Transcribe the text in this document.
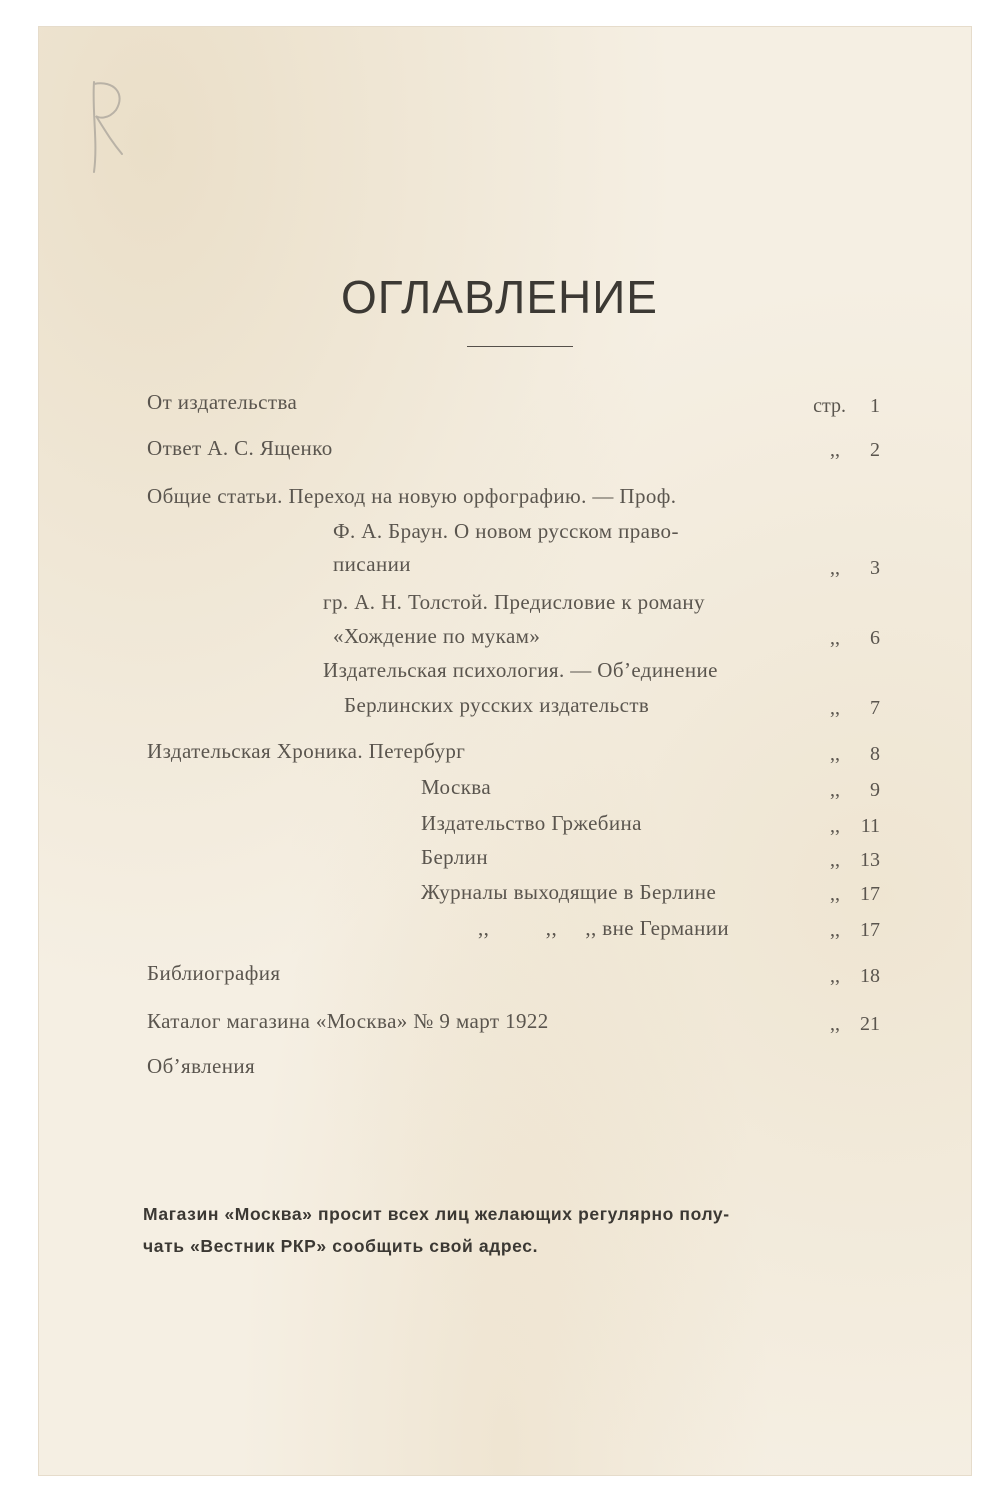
ОГЛАВЛЕНИЕ
От издательства	стр.	1
Ответ А. С. Ященко	,,	2
Общие статьи. Переход на новую орфографию. — Проф.
Ф. А. Браун. О новом русском право-
писании	,,	3
гр. А. Н. Толстой. Предисловие к роману
«Хождение по мукам»	,,	6
Издательская психология. — Об’единение
Берлинских русских издательств	,,	7
Издательская Хроника. Петербург	,,	8
Москва	,,	9
Издательство Гржебина	,,	11
Берлин	,,	13
Журналы выходящие в Берлине	,,	17
,,          ,,     ,, вне Германии	,,	17
Библиография	,,	18
Каталог магазина «Москва» № 9 март 1922	,,	21
Об’явления
Магазин «Москва» просит всех лиц желающих регулярно полу-
чать «Вестник РКР» сообщить свой адрес.
